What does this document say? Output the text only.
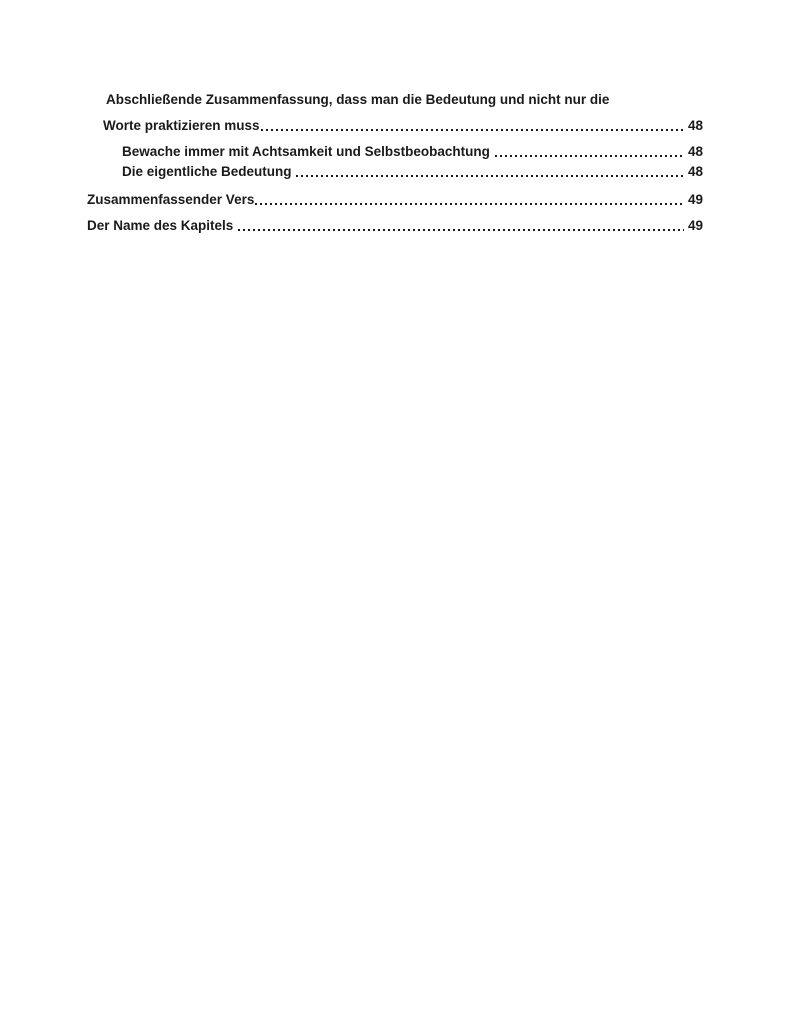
Abschließende Zusammenfassung, dass man die Bedeutung und nicht nur die
Worte praktizieren muss	48
Bewache immer mit Achtsamkeit und Selbstbeobachtung	48
Die eigentliche Bedeutung	48
Zusammenfassender Vers	49
Der Name des Kapitels	49
